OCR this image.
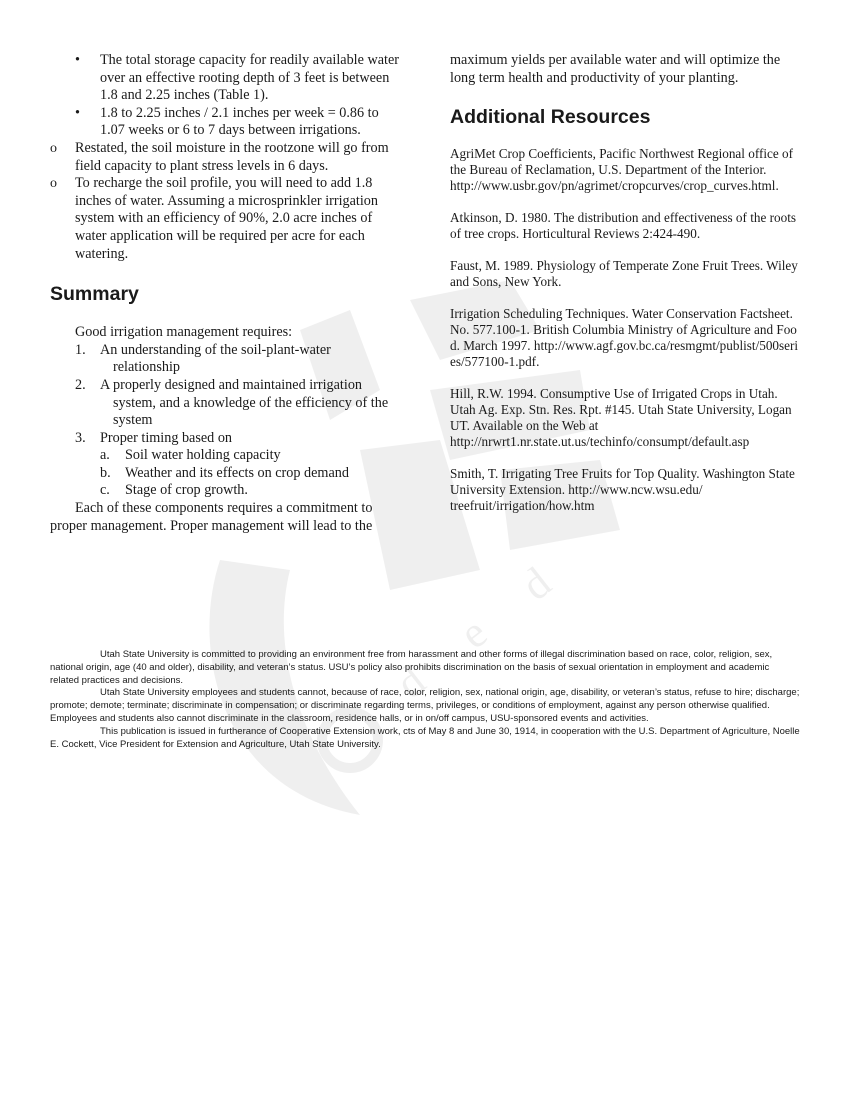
d e d
• The total storage capacity for readily available water over an effective rooting depth of 3 feet is between 1.8 and 2.25 inches (Table 1).
• 1.8 to 2.25 inches / 2.1 inches per week = 0.86 to 1.07 weeks or 6 to 7 days between irrigations.
o Restated, the soil moisture in the rootzone will go from field capacity to plant stress levels in 6 days.
o To recharge the soil profile, you will need to add 1.8 inches of water. Assuming a microsprinkler irrigation system with an efficiency of 90%, 2.0 acre inches of water application will be required per acre for each watering.
Summary
Good irrigation management requires:
1. An understanding of the soil-plant-water
relationship
2. A properly designed and maintained irrigation
system, and a knowledge of the efficiency of the system
3. Proper timing based on
a. Soil water holding capacity
b. Weather and its effects on crop demand
c. Stage of crop growth.
Each of these components requires a commitment to proper management. Proper management will lead to the
maximum yields per available water and will optimize the long term health and productivity of your planting.
Additional Resources
AgriMet Crop Coefficients, Pacific Northwest Regional office of the Bureau of Reclamation, U.S. Department of the Interior. http://www.usbr.gov/pn/agrimet/cropcurves/crop_curves.html.
Atkinson, D. 1980. The distribution and effectiveness of the roots of tree crops. Horticultural Reviews 2:424-490.
Faust, M. 1989. Physiology of Temperate Zone Fruit Trees. Wiley and Sons, New York.
Irrigation Scheduling Techniques. Water Conservation Factsheet. No. 577.100-1. British Columbia Ministry of Agriculture and Food. March 1997. http://www.agf.gov.bc.ca/resmgmt/publist/500series/577100-1.pdf.
Hill, R.W. 1994. Consumptive Use of Irrigated Crops in Utah. Utah Ag. Exp. Stn. Res. Rpt. #145. Utah State University, Logan UT. Available on the Web at http://nrwrt1.nr.state.ut.us/techinfo/consumpt/default.asp
Smith, T. Irrigating Tree Fruits for Top Quality. Washington State University Extension. http://www.ncw.wsu.edu/ treefruit/irrigation/how.htm

Utah State University is committed to providing an environment free from harassment and other forms of illegal discrimination based on race, color, religion, sex, national origin, age (40 and older), disability, and veteran’s status. USU’s policy also prohibits discrimination on the basis of sexual orientation in employment and academic related practices and decisions.

Utah State University employees and students cannot, because of race, color, religion, sex, national origin, age, disability, or veteran’s status, refuse to hire; discharge; promote; demote; terminate; discriminate in compensation; or discriminate regarding terms, privileges, or conditions of employment, against any person otherwise qualified. Employees and students also cannot discriminate in the classroom, residence halls, or in on/off campus, USU-sponsored events and activities.

This publication is issued in furtherance of Cooperative Extension work, cts of May 8 and June 30, 1914, in cooperation with the U.S. Department of Agriculture, Noelle E. Cockett, Vice President for Extension and Agriculture, Utah State University.
